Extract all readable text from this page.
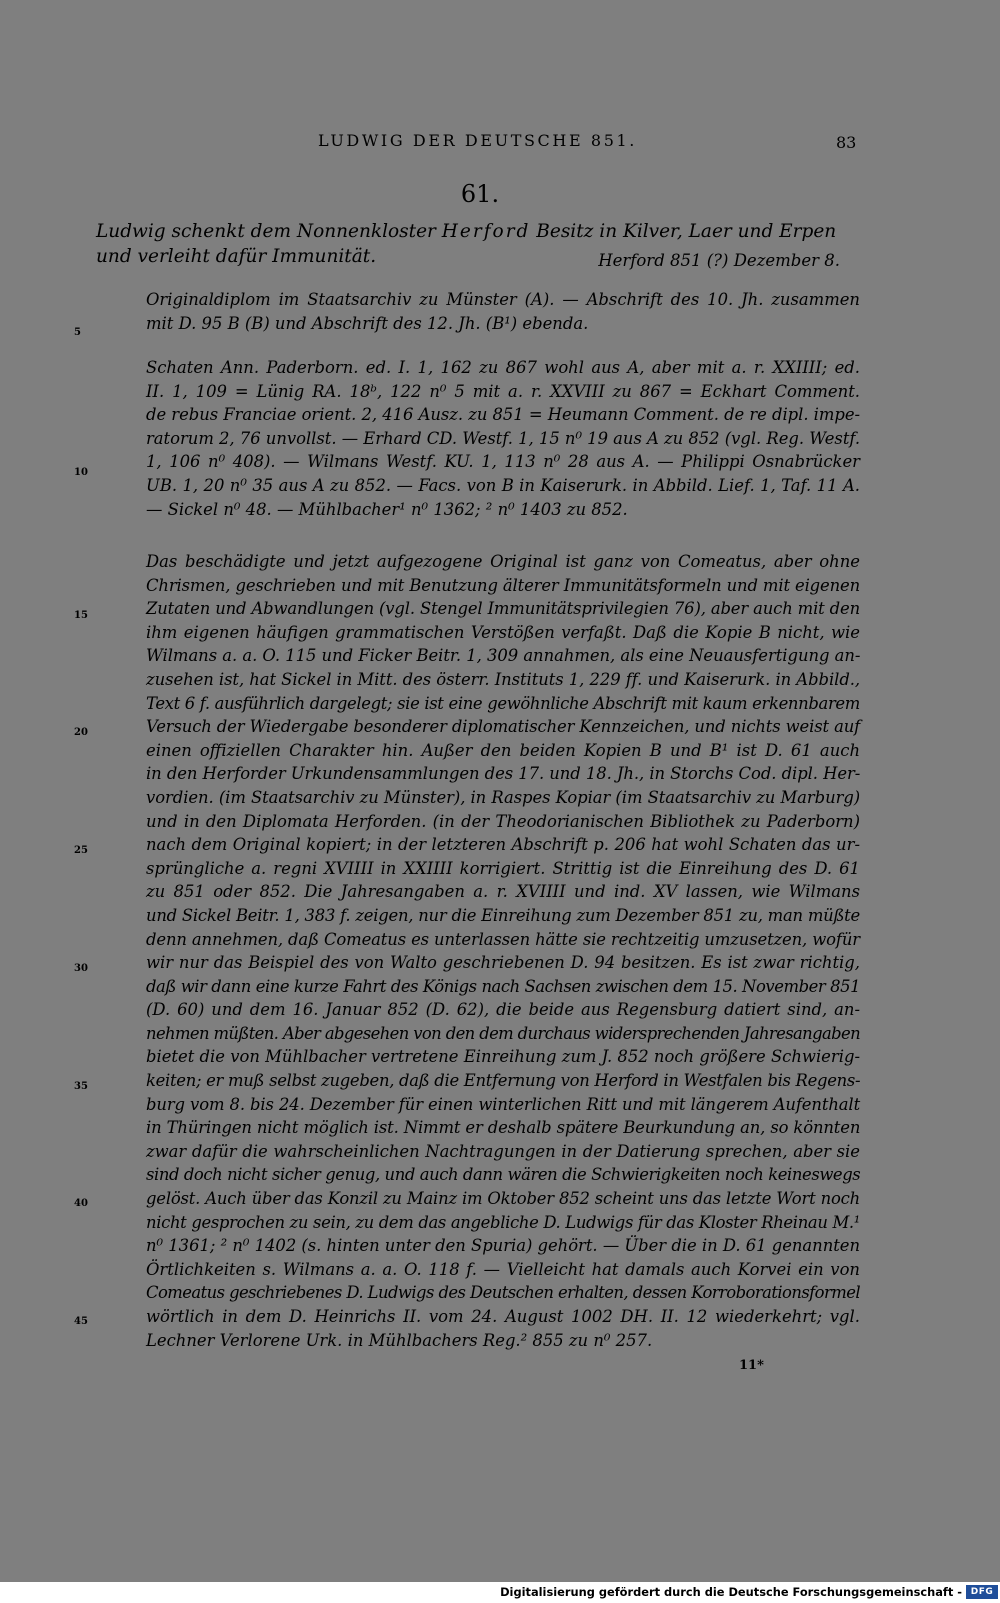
LUDWIG DER DEUTSCHE 851.	83
61.
Ludwig schenkt dem Nonnenkloster Herford Besitz in Kilver, Laer und Erpen
und verleiht dafür Immunität.	Herford 851 (?) Dezember 8.
Originaldiplom im Staatsarchiv zu Münster (A). — Abschrift des 10. Jh. zusammen
mit D. 95 B (B) und Abschrift des 12. Jh. (B¹) ebenda.
Schaten Ann. Paderborn. ed. I. 1, 162 zu 867 wohl aus A, aber mit a. r. XXIIII; ed.
II. 1, 109 = Lünig RA. 18ᵇ, 122 n⁰ 5 mit a. r. XXVIII zu 867 = Eckhart Comment.
de rebus Franciae orient. 2, 416 Ausz. zu 851 = Heumann Comment. de re dipl. impe-
ratorum 2, 76 unvollst. — Erhard CD. Westf. 1, 15 n⁰ 19 aus A zu 852 (vgl. Reg. Westf.
1, 106 n⁰ 408). — Wilmans Westf. KU. 1, 113 n⁰ 28 aus A. — Philippi Osnabrücker
UB. 1, 20 n⁰ 35 aus A zu 852. — Facs. von B in Kaiserurk. in Abbild. Lief. 1, Taf. 11 A.
— Sickel n⁰ 48. — Mühlbacher¹ n⁰ 1362; ² n⁰ 1403 zu 852.
Das beschädigte und jetzt aufgezogene Original ist ganz von Comeatus, aber ohne
Chrismen, geschrieben und mit Benutzung älterer Immunitätsformeln und mit eigenen
Zutaten und Abwandlungen (vgl. Stengel Immunitätsprivilegien 76), aber auch mit den
ihm eigenen häufigen grammatischen Verstößen verfaßt. Daß die Kopie B nicht, wie
Wilmans a. a. O. 115 und Ficker Beitr. 1, 309 annahmen, als eine Neuausfertigung an-
zusehen ist, hat Sickel in Mitt. des österr. Instituts 1, 229 ff. und Kaiserurk. in Abbild.,
Text 6 f. ausführlich dargelegt; sie ist eine gewöhnliche Abschrift mit kaum erkennbarem
Versuch der Wiedergabe besonderer diplomatischer Kennzeichen, und nichts weist auf
einen offiziellen Charakter hin. Außer den beiden Kopien B und B¹ ist D. 61 auch
in den Herforder Urkundensammlungen des 17. und 18. Jh., in Storchs Cod. dipl. Her-
vordien. (im Staatsarchiv zu Münster), in Raspes Kopiar (im Staatsarchiv zu Marburg)
und in den Diplomata Herforden. (in der Theodorianischen Bibliothek zu Paderborn)
nach dem Original kopiert; in der letzteren Abschrift p. 206 hat wohl Schaten das ur-
sprüngliche a. regni XVIIII in XXIIII korrigiert. Strittig ist die Einreihung des D. 61
zu 851 oder 852. Die Jahresangaben a. r. XVIIII und ind. XV lassen, wie Wilmans
und Sickel Beitr. 1, 383 f. zeigen, nur die Einreihung zum Dezember 851 zu, man müßte
denn annehmen, daß Comeatus es unterlassen hätte sie rechtzeitig umzusetzen, wofür
wir nur das Beispiel des von Walto geschriebenen D. 94 besitzen. Es ist zwar richtig,
daß wir dann eine kurze Fahrt des Königs nach Sachsen zwischen dem 15. November 851
(D. 60) und dem 16. Januar 852 (D. 62), die beide aus Regensburg datiert sind, an-
nehmen müßten. Aber abgesehen von den dem durchaus widersprechenden Jahresangaben
bietet die von Mühlbacher vertretene Einreihung zum J. 852 noch größere Schwierig-
keiten; er muß selbst zugeben, daß die Entfernung von Herford in Westfalen bis Regens-
burg vom 8. bis 24. Dezember für einen winterlichen Ritt und mit längerem Aufenthalt
in Thüringen nicht möglich ist. Nimmt er deshalb spätere Beurkundung an, so könnten
zwar dafür die wahrscheinlichen Nachtragungen in der Datierung sprechen, aber sie
sind doch nicht sicher genug, und auch dann wären die Schwierigkeiten noch keineswegs
gelöst. Auch über das Konzil zu Mainz im Oktober 852 scheint uns das letzte Wort noch
nicht gesprochen zu sein, zu dem das angebliche D. Ludwigs für das Kloster Rheinau M.¹
n⁰ 1361; ² n⁰ 1402 (s. hinten unter den Spuria) gehört. — Über die in D. 61 genannten
Örtlichkeiten s. Wilmans a. a. O. 118 f. — Vielleicht hat damals auch Korvei ein von
Comeatus geschriebenes D. Ludwigs des Deutschen erhalten, dessen Korroborationsformel
wörtlich in dem D. Heinrichs II. vom 24. August 1002 DH. II. 12 wiederkehrt; vgl.
Lechner Verlorene Urk. in Mühlbachers Reg.² 855 zu n⁰ 257.
5
10
15
20
25
30
35
40
45
11*
Digitalisierung gefördert durch die Deutsche Forschungsgemeinschaft - DFG
